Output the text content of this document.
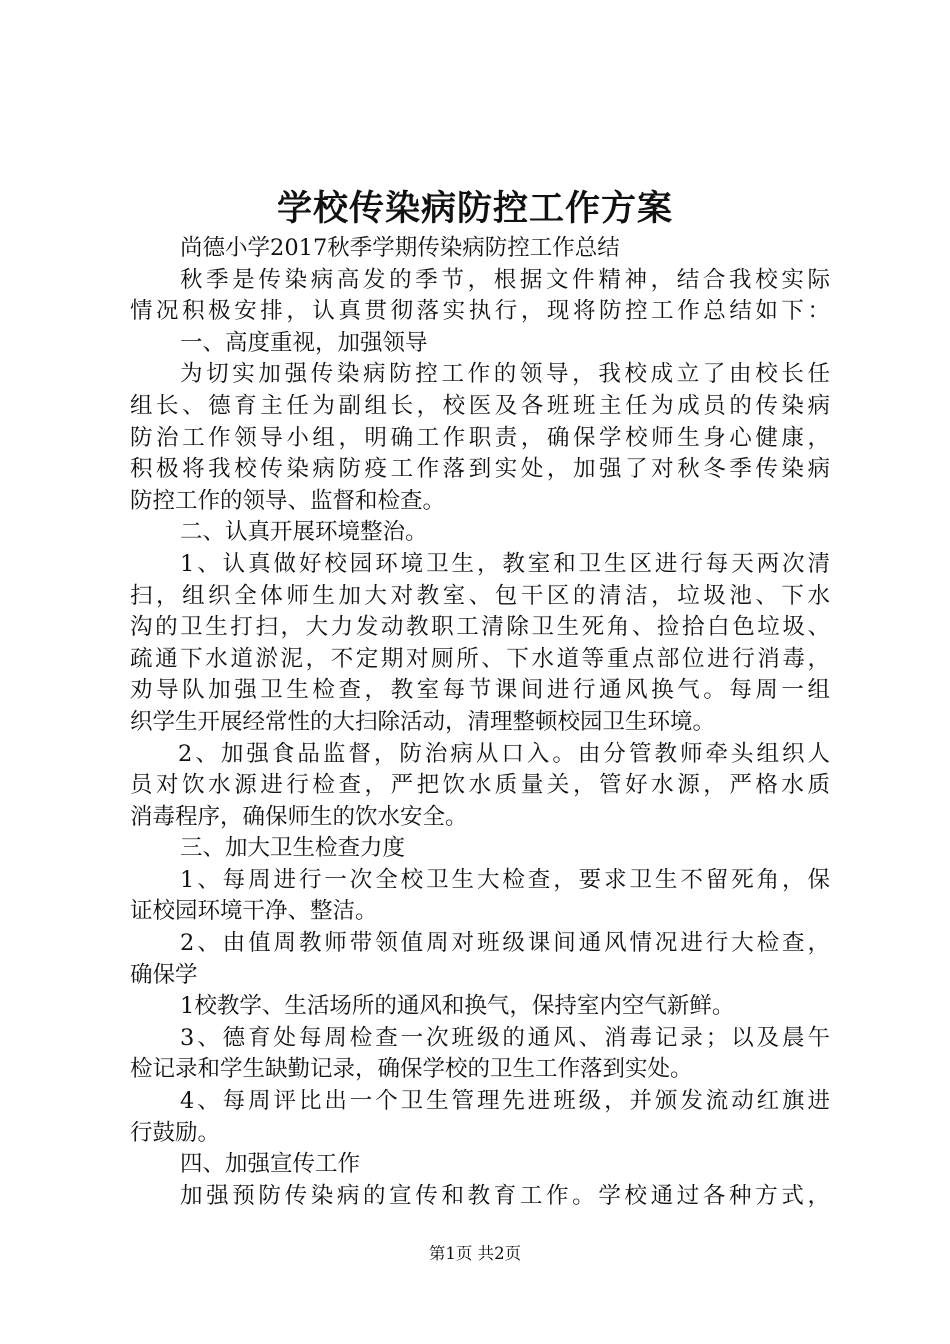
学校传染病防控工作方案
尚德小学2017秋季学期传染病防控工作总结
秋季是传染病高发的季节，根据文件精神，结合我校实际
情况积极安排，认真贯彻落实执行，现将防控工作总结如下：
一、高度重视，加强领导
为切实加强传染病防控工作的领导，我校成立了由校长任
组长、德育主任为副组长，校医及各班班主任为成员的传染病
防治工作领导小组，明确工作职责，确保学校师生身心健康，
积极将我校传染病防疫工作落到实处，加强了对秋冬季传染病
防控工作的领导、监督和检查。
二、认真开展环境整治。
1、认真做好校园环境卫生，教室和卫生区进行每天两次清
扫，组织全体师生加大对教室、包干区的清洁，垃圾池、下水
沟的卫生打扫，大力发动教职工清除卫生死角、捡拾白色垃圾、
疏通下水道淤泥，不定期对厕所、下水道等重点部位进行消毒，
劝导队加强卫生检查，教室每节课间进行通风换气。每周一组
织学生开展经常性的大扫除活动，清理整顿校园卫生环境。
2、加强食品监督，防治病从口入。由分管教师牵头组织人
员对饮水源进行检查，严把饮水质量关，管好水源，严格水质
消毒程序，确保师生的饮水安全。
三、加大卫生检查力度
1、每周进行一次全校卫生大检查，要求卫生不留死角，保
证校园环境干净、整洁。
2、由值周教师带领值周对班级课间通风情况进行大检查，
确保学
1校教学、生活场所的通风和换气，保持室内空气新鲜。
3、德育处每周检查一次班级的通风、消毒记录；以及晨午
检记录和学生缺勤记录，确保学校的卫生工作落到实处。
4、每周评比出一个卫生管理先进班级，并颁发流动红旗进
行鼓励。
四、加强宣传工作
加强预防传染病的宣传和教育工作。学校通过各种方式，
第1页 共2页
